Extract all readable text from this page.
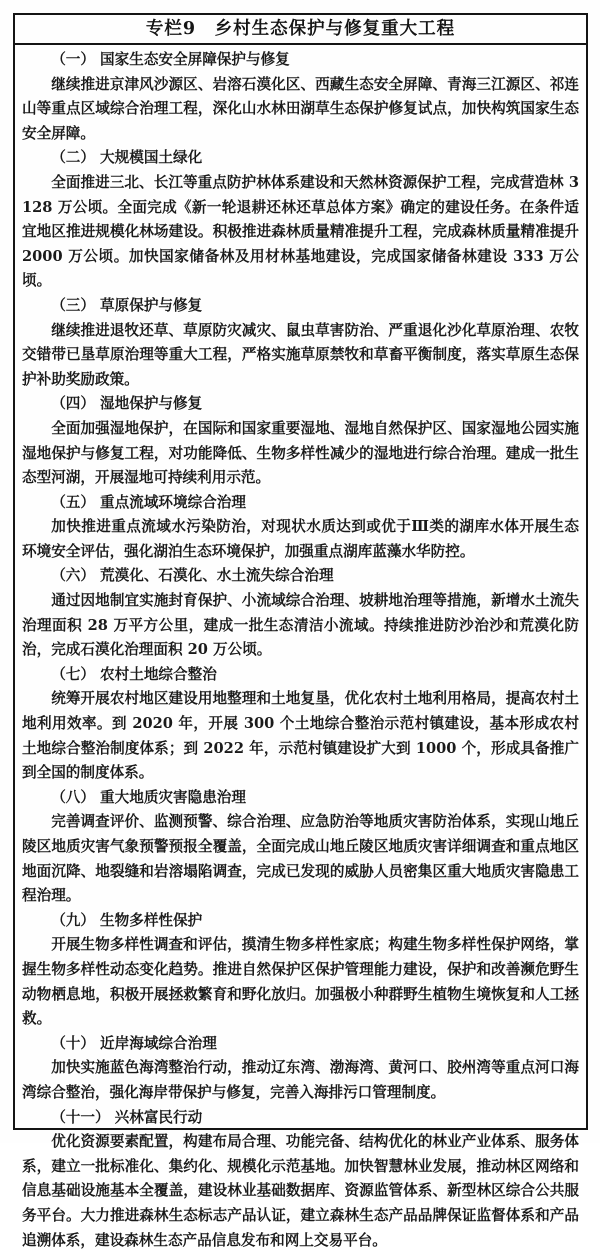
专栏9　乡村生态保护与修复重大工程
（一） 国家生态安全屏障保护与修复
继续推进京津风沙源区、岩溶石漠化区、西藏生态安全屏障、青海三江源区、祁连山等重点区域综合治理工程，深化山水林田湖草生态保护修复试点，加快构筑国家生态安全屏障。
（二） 大规模国土绿化
全面推进三北、长江等重点防护林体系建设和天然林资源保护工程，完成营造林 3128 万公顷。全面完成《新一轮退耕还林还草总体方案》确定的建设任务。在条件适宜地区推进规模化林场建设。积极推进森林质量精准提升工程，完成森林质量精准提升 2000 万公顷。加快国家储备林及用材林基地建设，完成国家储备林建设 333 万公顷。
（三） 草原保护与修复
继续推进退牧还草、草原防灾减灾、鼠虫草害防治、严重退化沙化草原治理、农牧交错带已垦草原治理等重大工程，严格实施草原禁牧和草畜平衡制度，落实草原生态保护补助奖励政策。
（四） 湿地保护与修复
全面加强湿地保护，在国际和国家重要湿地、湿地自然保护区、国家湿地公园实施湿地保护与修复工程，对功能降低、生物多样性减少的湿地进行综合治理。建成一批生态型河湖，开展湿地可持续利用示范。
（五） 重点流域环境综合治理
加快推进重点流域水污染防治，对现状水质达到或优于Ⅲ类的湖库水体开展生态环境安全评估，强化湖泊生态环境保护，加强重点湖库蓝藻水华防控。
（六） 荒漠化、石漠化、水土流失综合治理
通过因地制宜实施封育保护、小流域综合治理、坡耕地治理等措施，新增水土流失治理面积 28 万平方公里，建成一批生态清洁小流域。持续推进防沙治沙和荒漠化防治，完成石漠化治理面积 20 万公顷。
（七） 农村土地综合整治
统筹开展农村地区建设用地整理和土地复垦，优化农村土地利用格局，提高农村土地利用效率。到 2020 年，开展 300 个土地综合整治示范村镇建设，基本形成农村土地综合整治制度体系；到 2022 年，示范村镇建设扩大到 1000 个，形成具备推广到全国的制度体系。
（八） 重大地质灾害隐患治理
完善调查评价、监测预警、综合治理、应急防治等地质灾害防治体系，实现山地丘陵区地质灾害气象预警预报全覆盖，全面完成山地丘陵区地质灾害详细调查和重点地区地面沉降、地裂缝和岩溶塌陷调查，完成已发现的威胁人员密集区重大地质灾害隐患工程治理。
（九） 生物多样性保护
开展生物多样性调查和评估，摸清生物多样性家底；构建生物多样性保护网络，掌握生物多样性动态变化趋势。推进自然保护区保护管理能力建设，保护和改善濒危野生动物栖息地，积极开展拯救繁育和野化放归。加强极小种群野生植物生境恢复和人工拯救。
（十） 近岸海域综合治理
加快实施蓝色海湾整治行动，推动辽东湾、渤海湾、黄河口、胶州湾等重点河口海湾综合整治，强化海岸带保护与修复，完善入海排污口管理制度。
（十一） 兴林富民行动
优化资源要素配置，构建布局合理、功能完备、结构优化的林业产业体系、服务体系，建立一批标准化、集约化、规模化示范基地。加快智慧林业发展，推动林区网络和信息基础设施基本全覆盖，建设林业基础数据库、资源监管体系、新型林区综合公共服务平台。大力推进森林生态标志产品认证，建立森林生态产品品牌保证监督体系和产品追溯体系，建设森林生态产品信息发布和网上交易平台。
